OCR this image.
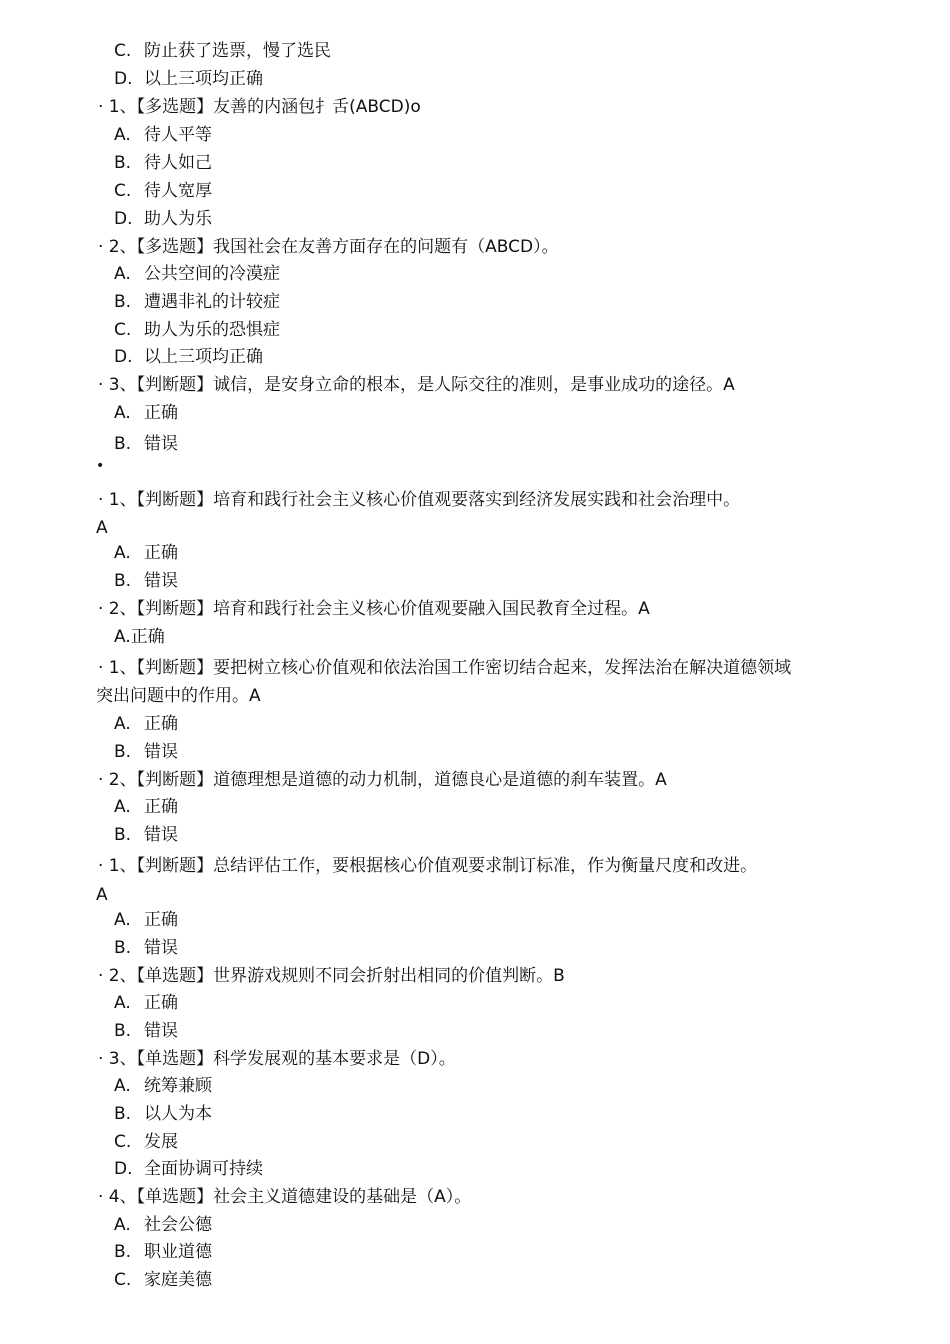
C. 防止获了选票，慢了选民
D. 以上三项均正确
· 1、【多选题】友善的内涵包扌舌(ABCD)o
A. 待人平等
B. 待人如己
C. 待人宽厚
D. 助人为乐
· 2、【多选题】我国社会在友善方面存在的问题有（ABCD）。
A. 公共空间的冷漠症
B. 遭遇非礼的计较症
C. 助人为乐的恐惧症
D. 以上三项均正确
· 3、【判断题】诚信，是安身立命的根本，是人际交往的准则，是事业成功的途径。A
A. 正确
B. 错误
•
· 1、【判断题】培育和践行社会主义核心价值观要落实到经济发展实践和社会治理中。
A
A. 正确
B. 错误
· 2、【判断题】培育和践行社会主义核心价值观要融入国民教育全过程。A
A.正确
· 1、【判断题】要把树立核心价值观和依法治国工作密切结合起来，发挥法治在解决道德领域
突出问题中的作用。A
A. 正确
B. 错误
· 2、【判断题】道德理想是道德的动力机制，道德良心是道德的刹车装置。A
A. 正确
B. 错误
· 1、【判断题】总结评估工作，要根据核心价值观要求制订标准，作为衡量尺度和改进。
A
A. 正确
B. 错误
· 2、【单选题】世界游戏规则不同会折射出相同的价值判断。B
A. 正确
B. 错误
· 3、【单选题】科学发展观的基本要求是（D）。
A. 统筹兼顾
B. 以人为本
C. 发展
D. 全面协调可持续
· 4、【单选题】社会主义道德建设的基础是（A）。
A. 社会公德
B. 职业道德
C. 家庭美德
